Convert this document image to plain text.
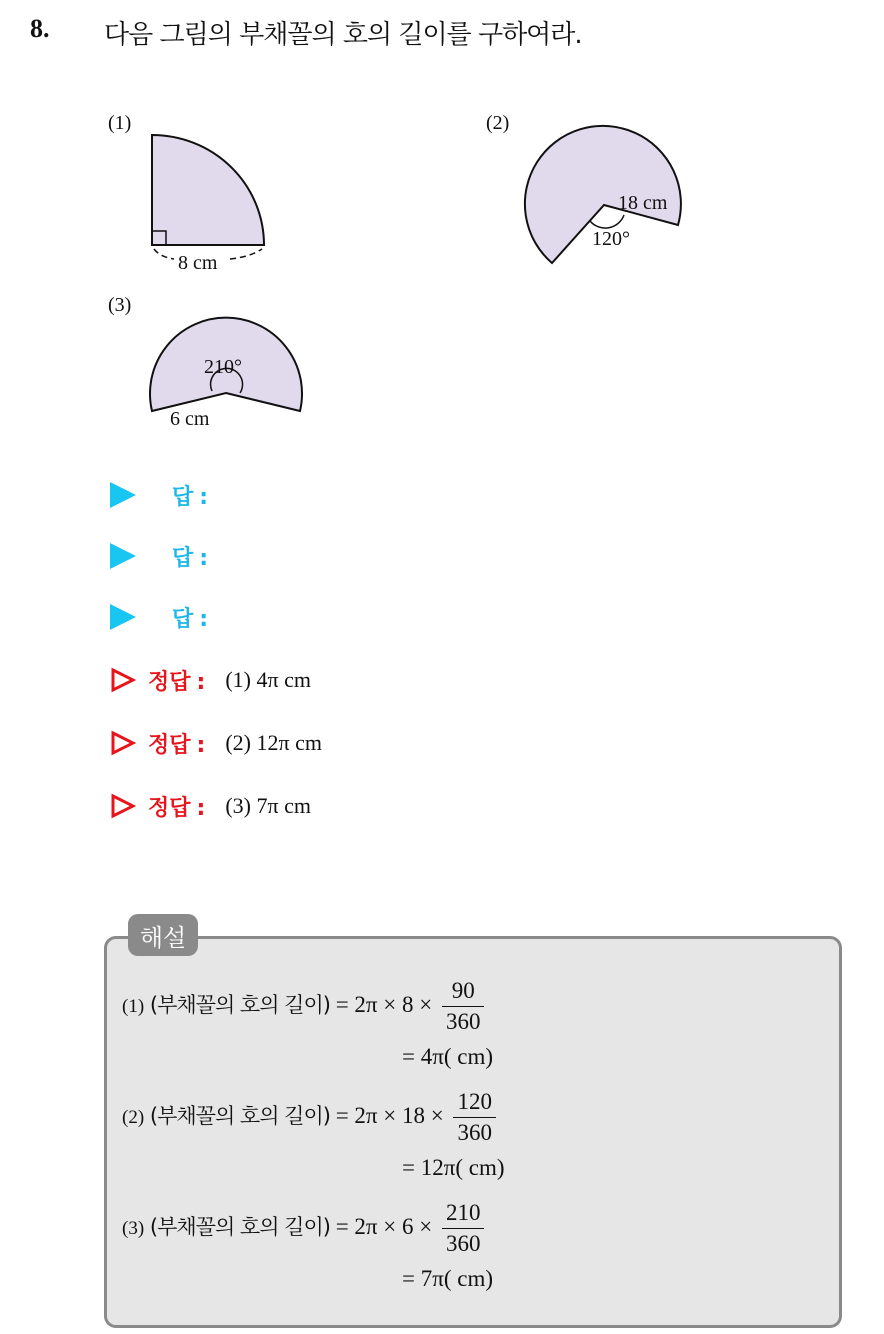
8. 다음 그림의 부채꼴의 호의 길이를 구하여라.
(1)
8 cm
(2)
18 cm
120°
(3)
210°
6 cm
답 :
답 :
답 :
정답 : (1) 4π cm
정답 : (2) 12π cm
정답 : (3) 7π cm
해설
(1) (부채꼴의 호의 길이) = $2\pi \times 8 \times \frac{90}{360}$
= 4π( cm)
(2) (부채꼴의 호의 길이) = $2\pi \times 18 \times \frac{120}{360}$
= 12π( cm)
(3) (부채꼴의 호의 길이) = $2\pi \times 6 \times \frac{210}{360}$
= 7π( cm)
